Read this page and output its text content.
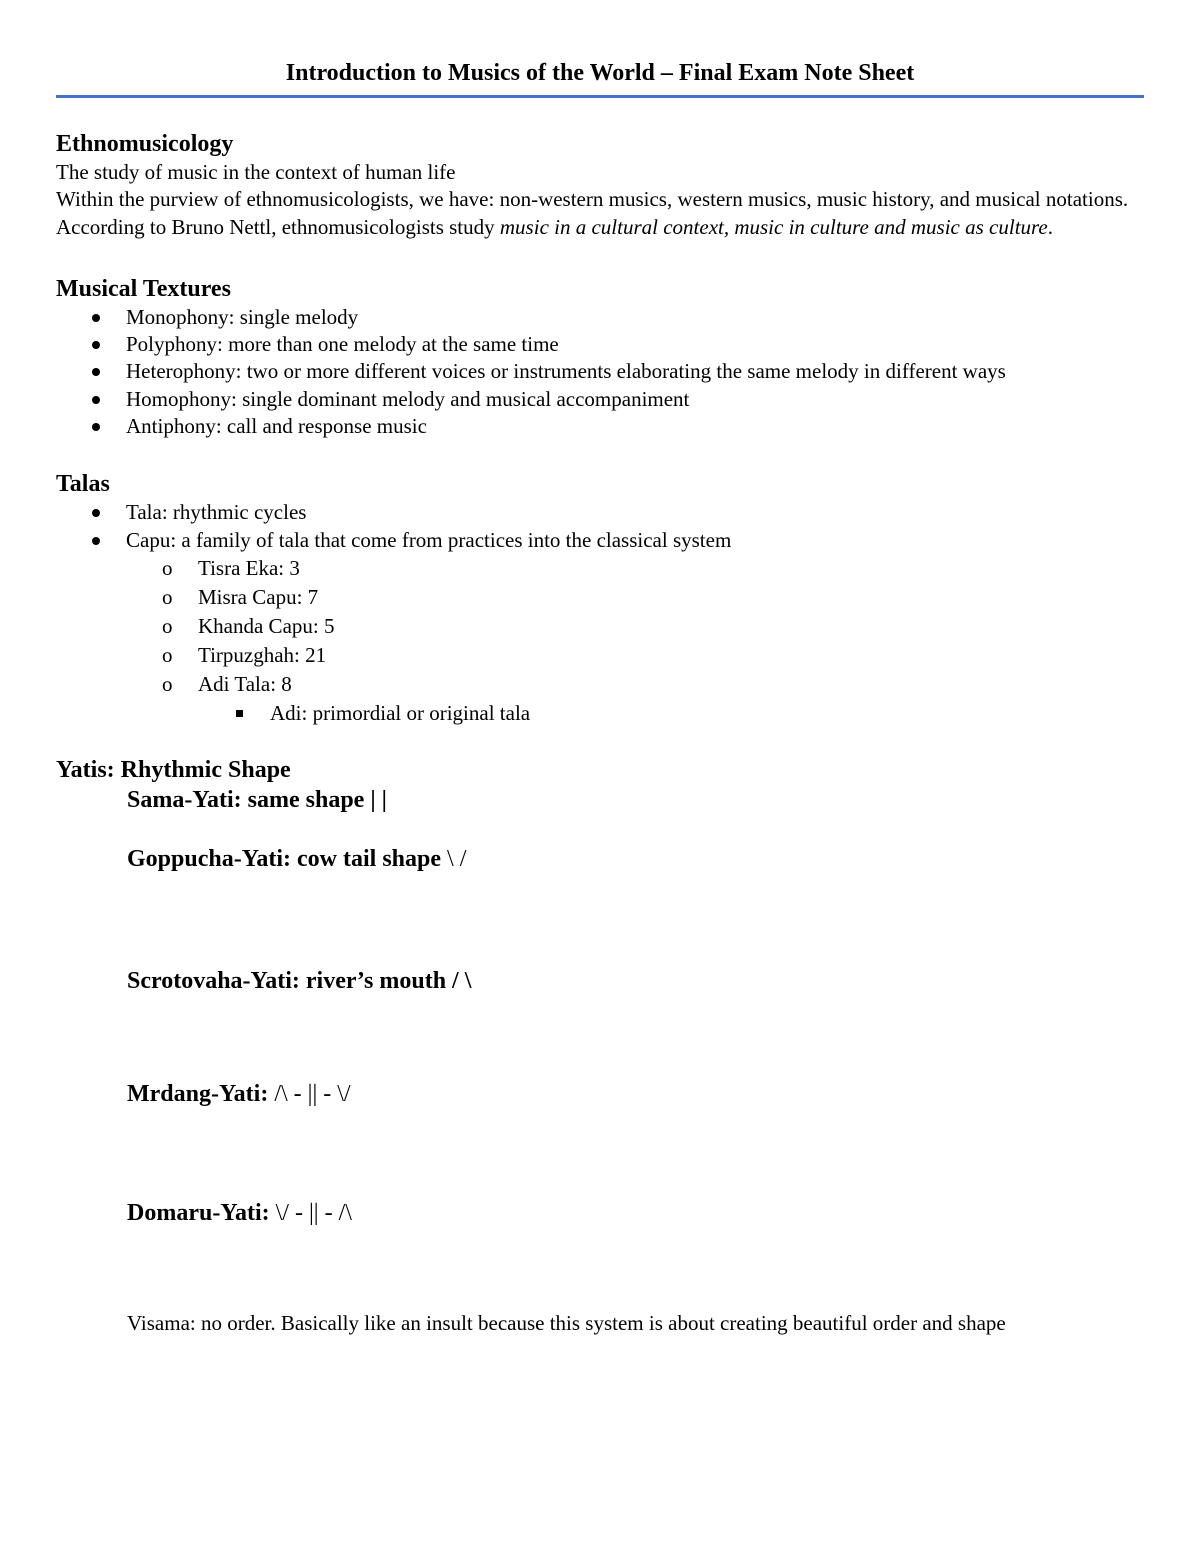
Introduction to Musics of the World – Final Exam Note Sheet
Ethnomusicology

The study of music in the context of human life

Within the purview of ethnomusicologists, we have: non-western musics, western musics, music history, and musical notations.

According to Bruno Nettl, ethnomusicologists study music in a cultural context, music in culture and music as culture.

Musical Textures
Monophony: single melody
Polyphony: more than one melody at the same time
Heterophony: two or more different voices or instruments elaborating the same melody in different ways
Homophony: single dominant melody and musical accompaniment
Antiphony: call and response music
Talas
Tala: rhythmic cycles
Capu: a family of tala that come from practices into the classical system
o Tisra Eka: 3
o Misra Capu: 7
o Khanda Capu: 5
o Tirpuzghah: 21
o Adi Tala: 8
Adi: primordial or original tala
Yatis: Rhythmic Shape
Sama-Yati: same shape | |
Goppucha-Yati: cow tail shape \ /
Scrotovaha-Yati: river’s mouth / \
Mrdang-Yati: /\ - || - \/
Domaru-Yati: \/ - || - /\
Visama: no order. Basically like an insult because this system is about creating beautiful order and shape
